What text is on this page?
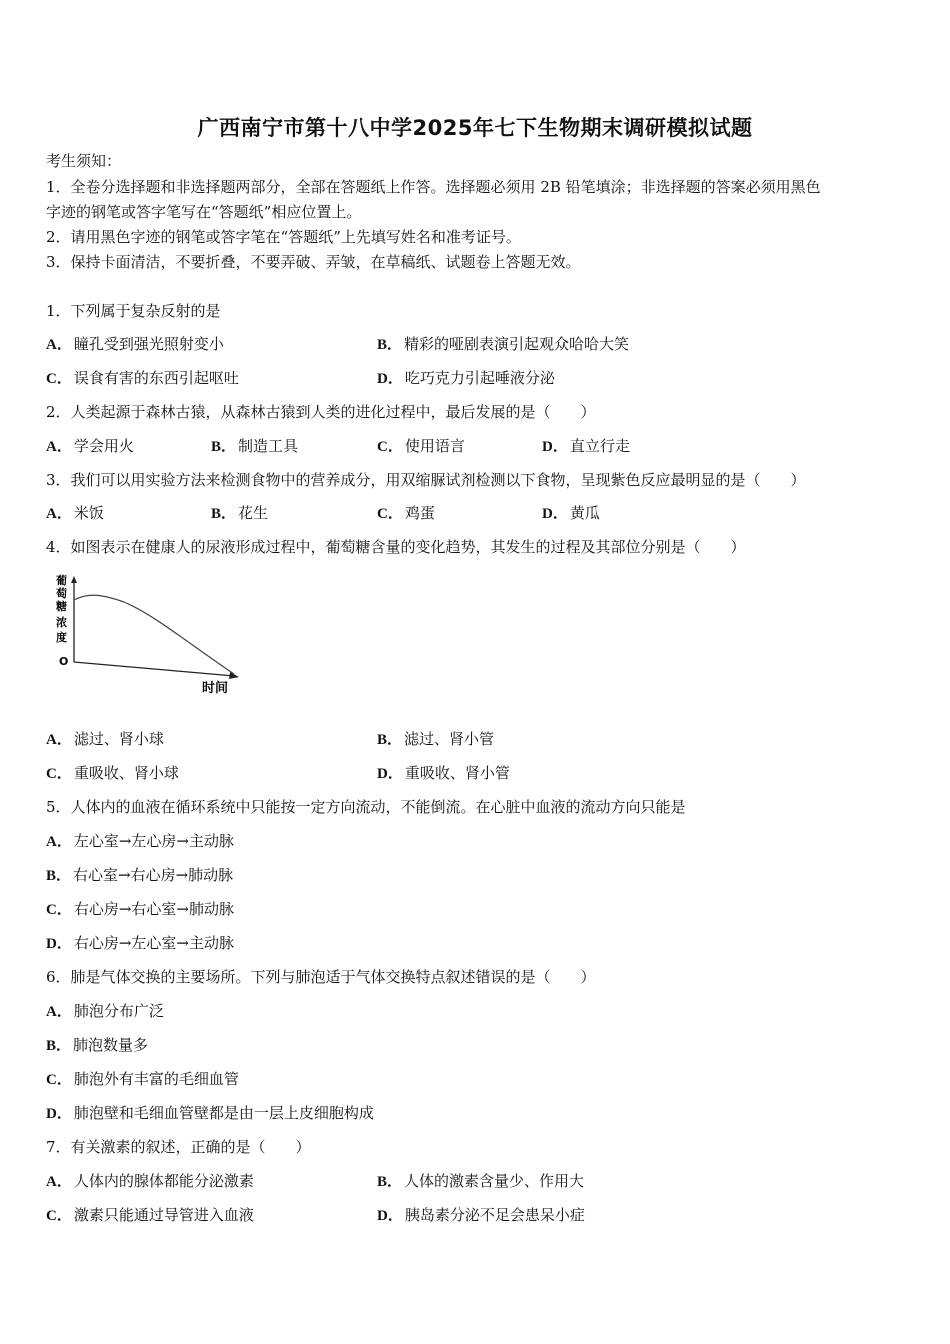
广西南宁市第十八中学2025年七下生物期末调研模拟试题
考生须知：
1．全卷分选择题和非选择题两部分，全部在答题纸上作答。选择题必须用 2B 铅笔填涂；非选择题的答案必须用黑色
字迹的钢笔或答字笔写在“答题纸”相应位置上。
2．请用黑色字迹的钢笔或答字笔在“答题纸”上先填写姓名和准考证号。
3．保持卡面清洁，不要折叠，不要弄破、弄皱，在草稿纸、试题卷上答题无效。
1．下列属于复杂反射的是
A． 瞳孔受到强光照射变小	B． 精彩的哑剧表演引起观众哈哈大笑
C． 误食有害的东西引起呕吐	D． 吃巧克力引起唾液分泌
2．人类起源于森林古猿，从森林古猿到人类的进化过程中，最后发展的是（　　）
A． 学会用火	B． 制造工具	C． 使用语言	D． 直立行走
3．我们可以用实验方法来检测食物中的营养成分，用双缩脲试剂检测以下食物，呈现紫色反应最明显的是（　　）
A． 米饭	B． 花生	C． 鸡蛋	D． 黄瓜
4．如图表示在健康人的尿液形成过程中，葡萄糖含量的变化趋势，其发生的过程及其部位分别是（　　）
葡
萄
糖
浓
度
O
时间
A． 滤过、肾小球	B． 滤过、肾小管
C． 重吸收、肾小球	D． 重吸收、肾小管
5．人体内的血液在循环系统中只能按一定方向流动，不能倒流。在心脏中血液的流动方向只能是
A． 左心室→左心房→主动脉
B． 右心室→右心房→肺动脉
C． 右心房→右心室→肺动脉
D． 右心房→左心室→主动脉
6．肺是气体交换的主要场所。下列与肺泡适于气体交换特点叙述错误的是（　　）
A． 肺泡分布广泛
B． 肺泡数量多
C． 肺泡外有丰富的毛细血管
D． 肺泡壁和毛细血管壁都是由一层上皮细胞构成
7．有关激素的叙述，正确的是（　　）
A． 人体内的腺体都能分泌激素	B． 人体的激素含量少、作用大
C． 激素只能通过导管进入血液	D． 胰岛素分泌不足会患呆小症
